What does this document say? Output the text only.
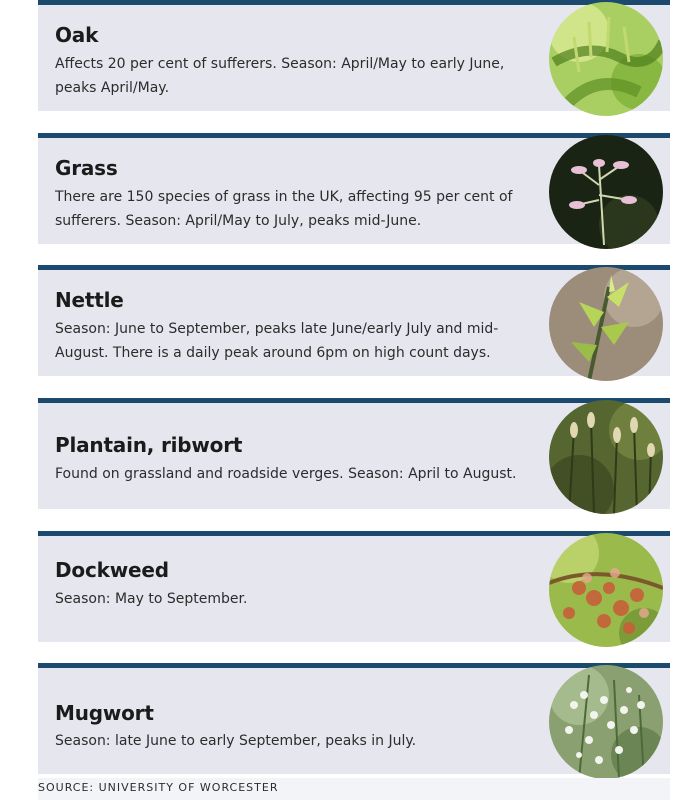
Oak

Affects 20 per cent of sufferers. Season: April/May to early June, peaks April/May.

Grass

There are 150 species of grass in the UK, affecting 95 per cent of sufferers. Season: April/May to July, peaks mid-June.

Nettle

Season: June to September, peaks late June/early July and mid-August. There is a daily peak around 6pm on high count days.

Plantain, ribwort

Found on grassland and roadside verges. Season: April to August.

Dockweed

Season: May to September.

Mugwort

Season: late June to early September, peaks in July.

SOURCE: UNIVERSITY OF WORCESTER
